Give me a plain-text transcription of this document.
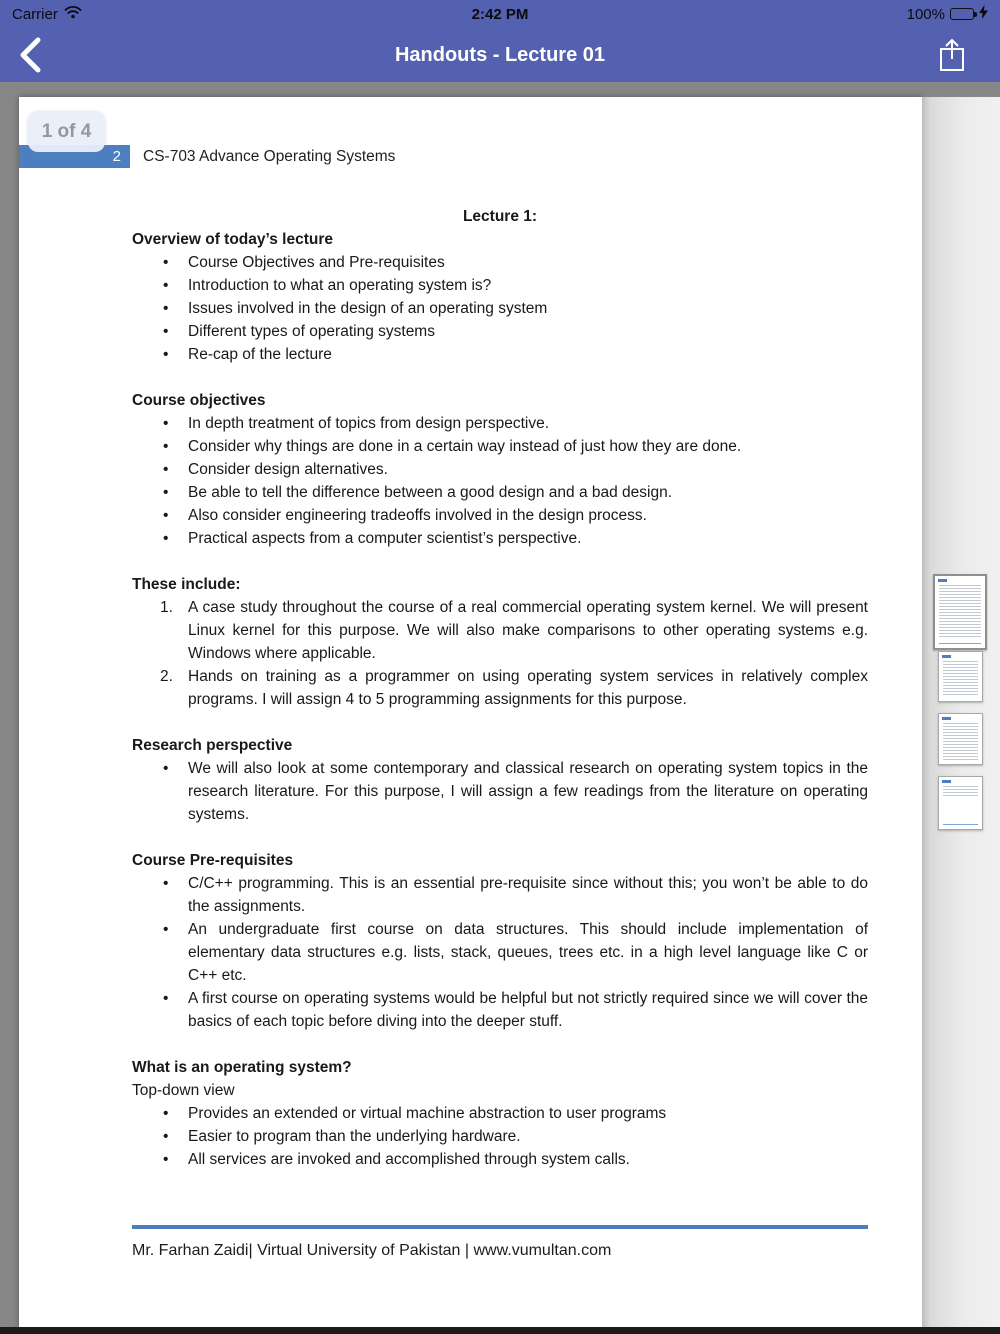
Carrier	2:42 PM	100%
Handouts - Lecture 01
2	CS-703 Advance Operating Systems
Lecture 1:
Overview of today’s lecture
• Course Objectives and Pre-requisites
• Introduction to what an operating system is?
• Issues involved in the design of an operating system
• Different types of operating systems
• Re-cap of the lecture
Course objectives
• In depth treatment of topics from design perspective.
• Consider why things are done in a certain way instead of just how they are done.
• Consider design alternatives.
• Be able to tell the difference between a good design and a bad design.
• Also consider engineering tradeoffs involved in the design process.
• Practical aspects from a computer scientist’s perspective.
These include:
A case study throughout the course of a real commercial operating system kernel. We will present Linux kernel for this purpose. We will also make comparisons to other operating systems e.g. Windows where applicable.
Hands on training as a programmer on using operating system services in relatively complex programs. I will assign 4 to 5 programming assignments for this purpose.
Research perspective
• We will also look at some contemporary and classical research on operating system topics in the research literature. For this purpose, I will assign a few readings from the literature on operating systems.
Course Pre-requisites
• C/C++ programming. This is an essential pre-requisite since without this; you won’t be able to do the assignments.
• An undergraduate first course on data structures. This should include implementation of elementary data structures e.g. lists, stack, queues, trees etc. in a high level language like C or C++ etc.
• A first course on operating systems would be helpful but not strictly required since we will cover the basics of each topic before diving into the deeper stuff.
What is an operating system?
Top-down view
• Provides an extended or virtual machine abstraction to user programs
• Easier to program than the underlying hardware.
• All services are invoked and accomplished through system calls.
Mr. Farhan Zaidi| Virtual University of Pakistan | www.vumultan.com
1 of 4
